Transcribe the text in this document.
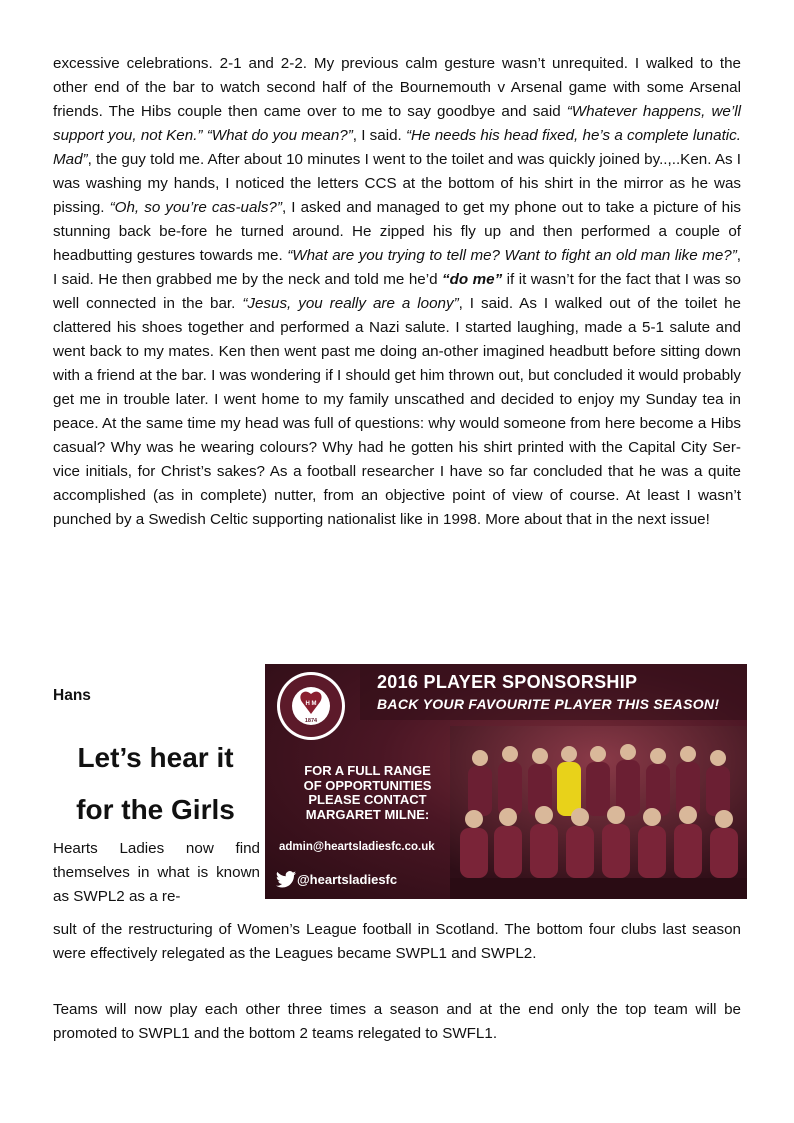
excessive celebrations. 2-1 and 2-2. My previous calm gesture wasn’t unrequited. I walked to the other end of the bar to watch second half of the Bournemouth v Arsenal game with some Arsenal friends. The Hibs couple then came over to me to say goodbye and said “Whatever happens, we’ll support you, not Ken.” “What do you mean?”, I said. “He needs his head fixed, he’s a complete lunatic. Mad”, the guy told me. After about 10 minutes I went to the toilet and was quickly joined by..,..Ken. As I was washing my hands, I noticed the letters CCS at the bottom of his shirt in the mirror as he was pissing. “Oh, so you’re cas-uals?”, I asked and managed to get my phone out to take a picture of his stunning back be-fore he turned around. He zipped his fly up and then performed a couple of headbutting gestures towards me. “What are you trying to tell me? Want to fight an old man like me?”, I said. He then grabbed me by the neck and told me he’d “do me” if it wasn’t for the fact that I was so well connected in the bar. “Jesus, you really are a loony”, I said. As I walked out of the toilet he clattered his shoes together and performed a Nazi salute. I started laughing, made a 5-1 salute and went back to my mates. Ken then went past me doing an-other imagined headbutt before sitting down with a friend at the bar. I was wondering if I should get him thrown out, but concluded it would probably get me in trouble later. I went home to my family unscathed and decided to enjoy my Sunday tea in peace. At the same time my head was full of questions: why would someone from here become a Hibs casual? Why was he wearing colours? Why had he gotten his shirt printed with the Capital City Ser-vice initials, for Christ’s sakes? As a football researcher I have so far concluded that he was a quite accomplished (as in complete) nutter, from an objective point of view of course. At least I wasn’t punched by a Swedish Celtic supporting nationalist like in 1998. More about that in the next issue!

Hans
Let’s hear it
for the Girls

Hearts Ladies now find themselves in what is known as SWPL2 as a re-

H M
1874
2016 PLAYER SPONSORSHIP
BACK YOUR FAVOURITE PLAYER THIS SEASON!
FOR A FULL RANGE
OF OPPORTUNITIES
PLEASE CONTACT
MARGARET MILNE:
admin@heartsladiesfc.co.uk
@heartsladiesfc

sult of the restructuring of Women’s League football in Scotland. The bottom four clubs last season were effectively relegated as the Leagues became SWPL1 and SWPL2.

Teams will now play each other three times a season and at the end only the top team will be promoted to SWPL1 and the bottom 2 teams relegated to SWFL1.
